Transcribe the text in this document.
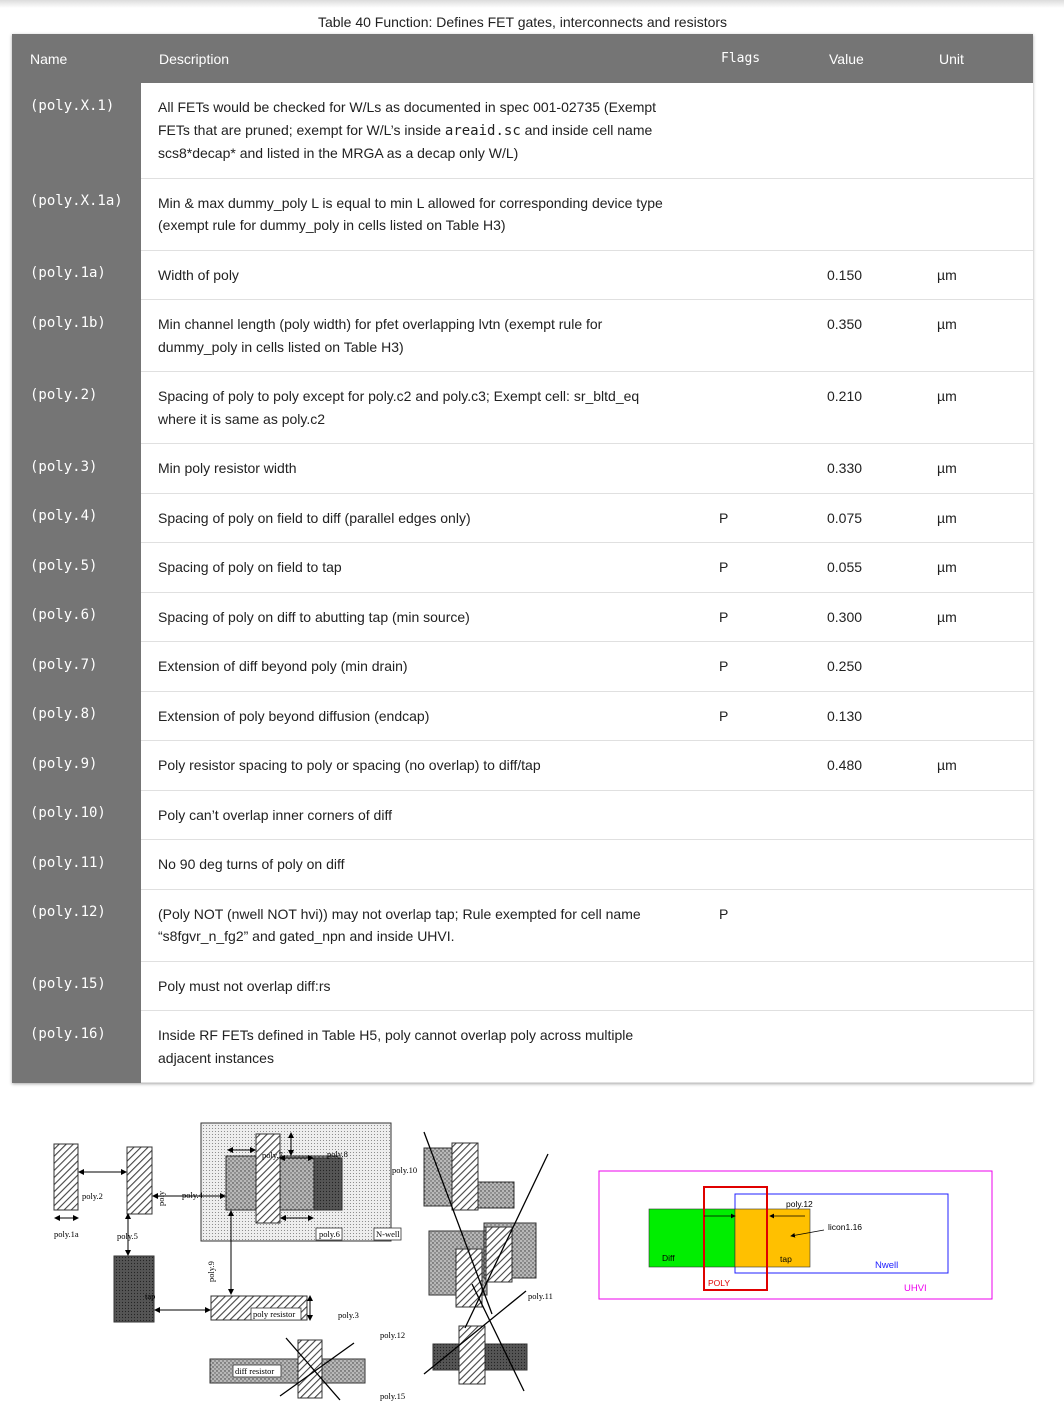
Table 40 Function: Defines FET gates, interconnects and resistors
Name	Description	Flags	Value	Unit
(poly.X.1)	All FETs would be checked for W/Ls as documented in spec 001-02735 (Exempt FETs that are pruned; exempt for W/L’s inside areaid.sc and inside cell name scs8*decap* and listed in the MRGA as a decap only W/L)			
(poly.X.1a)	Min & max dummy_poly L is equal to min L allowed for corresponding device type (exempt rule for dummy_poly in cells listed on Table H3)			
(poly.1a)	Width of poly		0.150	µm
(poly.1b)	Min channel length (poly width) for pfet overlapping lvtn (exempt rule for dummy_poly in cells listed on Table H3)		0.350	µm
(poly.2)	Spacing of poly to poly except for poly.c2 and poly.c3; Exempt cell: sr_bltd_eq where it is same as poly.c2		0.210	µm
(poly.3)	Min poly resistor width		0.330	µm
(poly.4)	Spacing of poly on field to diff (parallel edges only)	P	0.075	µm
(poly.5)	Spacing of poly on field to tap	P	0.055	µm
(poly.6)	Spacing of poly on diff to abutting tap (min source)	P	0.300	µm
(poly.7)	Extension of diff beyond poly (min drain)	P	0.250	
(poly.8)	Extension of poly beyond diffusion (endcap)	P	0.130	
(poly.9)	Poly resistor spacing to poly or spacing (no overlap) to diff/tap		0.480	µm
(poly.10)	Poly can’t overlap inner corners of diff			
(poly.11)	No 90 deg turns of poly on diff			
(poly.12)	(Poly NOT (nwell NOT hvi)) may not overlap tap; Rule exempted for cell name “s8fgvr_n_fg2” and gated_npn and inside UHVI.	P		
(poly.15)	Poly must not overlap diff:rs			
(poly.16)	Inside RF FETs defined in Table H5, poly cannot overlap poly across multiple adjacent instances			
poly.2
poly.1a	poly.5
poly poly.4
poly.7	poly.8
poly.10
poly.6	N-well
poly.9
tap
poly resistor	poly.3
poly.12
poly.11
diff resistor
poly.15
poly.12
licon1.16
Diff	tap
Nwell
POLY	UHVI
